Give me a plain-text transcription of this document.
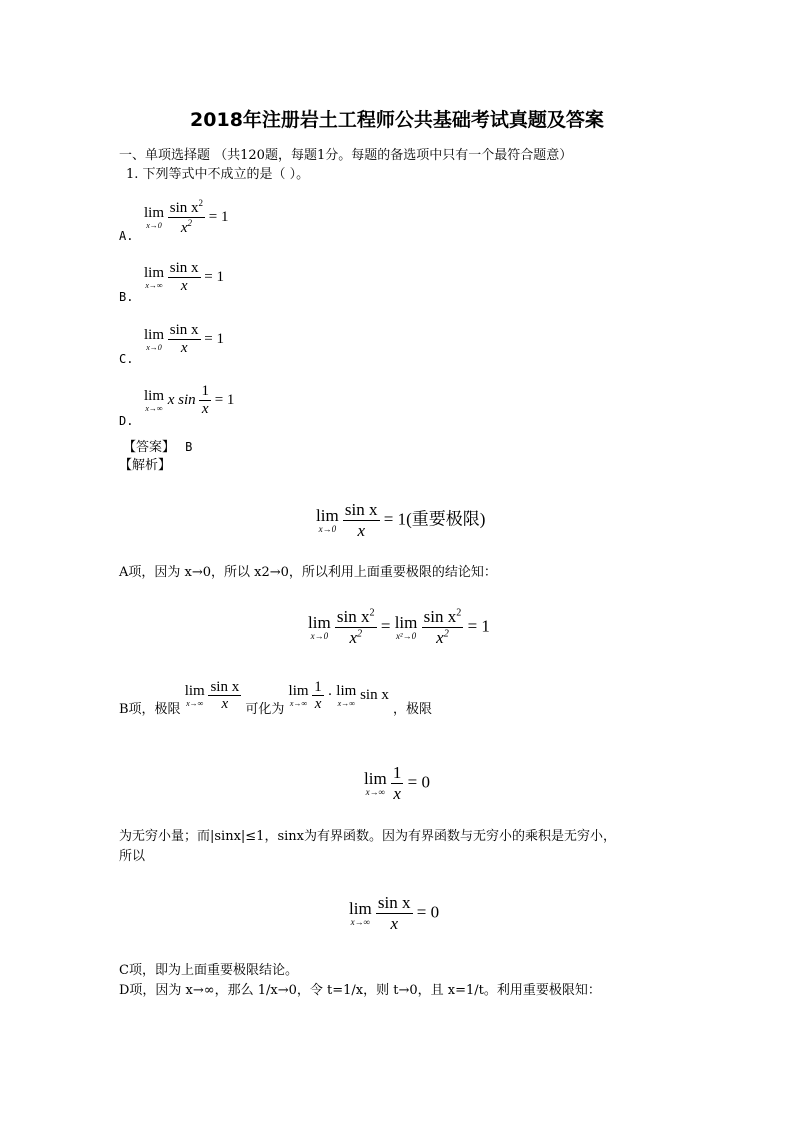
2018年注册岩土工程师公共基础考试真题及答案
一、单项选择题 （共120题，每题1分。每题的备选项中只有一个最符合题意）
1. 下列等式中不成立的是（ ）。
A.
lim
x→0
$\frac{\sin x^2}{x^2} = 1$
B.
lim
x→∞
$\frac{\text{sin x}}{x} = 1$
C.
lim
x→0
$\frac{\text{sin x}}{x} = 1$
D.
lim
x→∞
x $\sin \frac{1}{x} = 1$
【答案】 B
【解析】
lim
x→0
$\frac{\text{sin x}}{x} = 1$(重要极限)
A项，因为 x→0，所以 x2→0，所以利用上面重要极限的结论知：
lim
x→0
$\frac{\sin x^2}{x^2} = \lim$
x²→0
$\frac{\sin x^2}{x^2} = 1$
B项，极限
lim
x→∞
$\frac{\text{sin x}}{x}$ 可化为
lim
x→∞
$\frac{1}{x} \cdot \lim$
x→∞
sin x ，极限
lim
x→∞
$\frac{1}{x} = 0$
为无穷小量；而|sinx|≤1，sinx为有界函数。因为有界函数与无穷小的乘积是无穷小，
所以
lim
x→∞
$\frac{\text{sin x}}{x} = 0$
C项，即为上面重要极限结论。
D项，因为 x→∞，那么 1/x→0，令 t=1/x，则 t→0，且 x=1/t。利用重要极限知：
